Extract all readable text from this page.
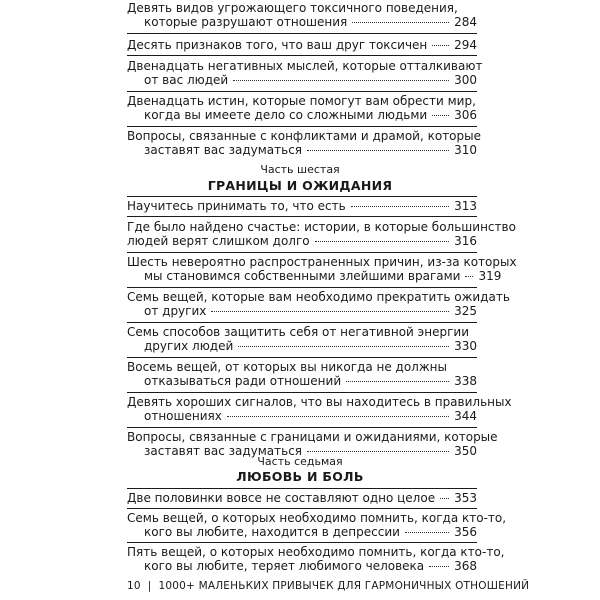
Девять видов угрожающего токсичного поведения,
которые разрушают отношения	284
Десять признаков того, что ваш друг токсичен 294
Двенадцать негативных мыслей, которые отталкивают
от вас людей	300
Двенадцать истин, которые помогут вам обрести мир,
когда вы имеете дело со сложными людьми 306
Вопросы, связанные с конфликтами и драмой, которые
заставят вас задуматься	310
Часть шестая
ГРАНИЦЫ И ОЖИДАНИЯ
Научитесь принимать то, что есть	313
Где было найдено счастье: истории, в которые большинство
людей верят слишком долго	316
Шесть невероятно распространенных причин, из-за которых
мы становимся собственными злейшими врагами 319
Семь вещей, которые вам необходимо прекратить ожидать
от других	325
Семь способов защитить себя от негативной энергии
других людей	330
Восемь вещей, от которых вы никогда не должны
отказываться ради отношений	338
Девять хороших сигналов, что вы находитесь в правильных
отношениях	344
Вопросы, связанные с границами и ожиданиями, которые
заставят вас задуматься	350
Часть седьмая
ЛЮБОВЬ И БОЛЬ
Две половинки вовсе не составляют одно целое 353
Семь вещей, о которых необходимо помнить, когда кто-то,
кого вы любите, находится в депрессии	356
Пять вещей, о которых необходимо помнить, когда кто-то,
кого вы любите, теряет любимого человека 368
10 | 1000+ МАЛЕНЬКИХ ПРИВЫЧЕК ДЛЯ ГАРМОНИЧНЫХ ОТНОШЕНИЙ
